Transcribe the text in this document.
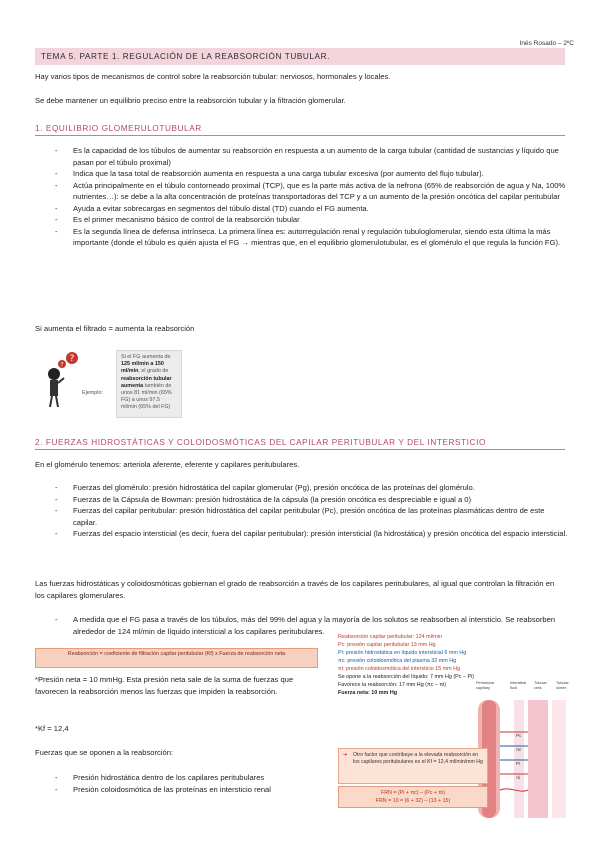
Inés Rosado – 2ºC
TEMA 5. PARTE 1. REGULACIÓN DE LA REABSORCIÓN TUBULAR.
Hay varios tipos de mecanismos de control sobre la reabsorción tubular: nerviosos, hormonales y locales.
Se debe mantener un equilibrio preciso entre la reabsorción tubular y la filtración glomerular.
1. EQUILIBRIO GLOMERULOTUBULAR
- Es la capacidad de los túbulos de aumentar su reabsorción en respuesta a un aumento de la carga tubular (cantidad de sustancias y líquido que pasan por el túbulo proximal)
- Indica que la tasa total de reabsorción aumenta en respuesta a una carga tubular excesiva (por aumento del flujo tubular).
- Actúa principalmente en el túbulo contorneado proximal (TCP), que es la parte más activa de la nefrona (65% de reabsorción de agua y Na, 100% nutrientes…): se debe a la alta concentración de proteínas transportadoras del TCP y a un aumento de la presión oncótica del capilar peritubular
- Ayuda a evitar sobrecargas en segmentos del túbulo distal (TD) cuando el FG aumenta.
- Es el primer mecanismo básico de control de la reabsorción tubular
- Es la segunda línea de defensa intrínseca. La primera línea es: autorregulación renal y regulación tubuloglomerular, siendo esta última la más importante (donde el túbulo es quién ajusta el FG → mientras que, en el equilibrio glomerulotubular, es el glomérulo el que regula la función FG).
Si aumenta el filtrado = aumenta la reabsorción
?
?
Ejemplo:
Si el FG aumenta de 125 ml/min a 150 ml/min, el grado de reabsorción tubular aumenta también de unos 81 ml/min (65% FG) a unos 97,5 ml/min (65% del FG)
2. FUERZAS HIDROSTÁTICAS Y COLOIDOSMÓTICAS DEL CAPILAR PERITUBULAR Y DEL INTERSTICIO
En el glomérulo tenemos: arteriola aferente, eferente y capilares peritubulares.
- Fuerzas del glomérulo: presión hidrostática del capilar glomerular (Pg), presión oncótica de las proteínas del glomérulo.
- Fuerzas de la Cápsula de Bowman: presión hidrostática de la cápsula (la presión oncótica es despreciable e igual a 0)
- Fuerzas del capilar peritubular: presión hidrostática del capilar peritubular (Pc), presión oncótica de las proteínas plasmáticas dentro de este capilar.
- Fuerzas del espacio intersticial (es decir, fuera del capilar peritubular): presión intersticial (la hidrostática) y presión oncótica del espacio intersticial.
Las fuerzas hidrostáticas y coloidosmóticas gobiernan el grado de reabsorción a través de los capilares peritubulares, al igual que controlan la filtración en los capilares glomerulares.
- A medida que el FG pasa a través de los túbulos, más del 99% del agua y la mayoría de los solutos se reabsorben al intersticio. Se reabsorben alrededor de 124 ml/min de líquido intersticial a los capilares peritubulares.
Reabsorción = coeficiente de filtración capilar peritubular (Kf) x Fuerza de reabsorción neta
*Presión neta = 10 mmHg. Esta presión neta sale de la suma de fuerzas que favorecen la reabsorción menos las fuerzas que impiden la reabsorción.
*Kf = 12,4
Fuerzas que se oponen a la reabsorción:
- Presión hidrostática dentro de los capilares peritubulares
- Presión coloidosmótica de las proteínas en intersticio renal
Reabsorción capilar peritubular: 124 ml/min
Pc: presión capilar peritubular 13 mm Hg
Pi: presión hidrostática en líquido intersticial 6 mm Hg
πc: presión coloidosmótica del plasma 32 mm Hg
πi: presión coloidosmótica del intersticio 15 mm Hg
Se opone a la reabsorción del líquido: 7 mm Hg (Pc – Pi)
Favorece la reabsorción: 17 mm Hg (πc – πi)
Fuerza neta: 10 mm Hg
Peritubular capillary
Interstitial fluid
Tubular cells
Tubular lumen
Pc
πc
Pi
πi
➔ Otro factor que contribuye a la elevada reabsorción en los capilares peritubulares es el Kf = 12,4 ml/min/mm Hg
FRN = (Pi + πc) – (Pc + πi)
FRN = 10 = (6 + 32) – (13 + 15)
